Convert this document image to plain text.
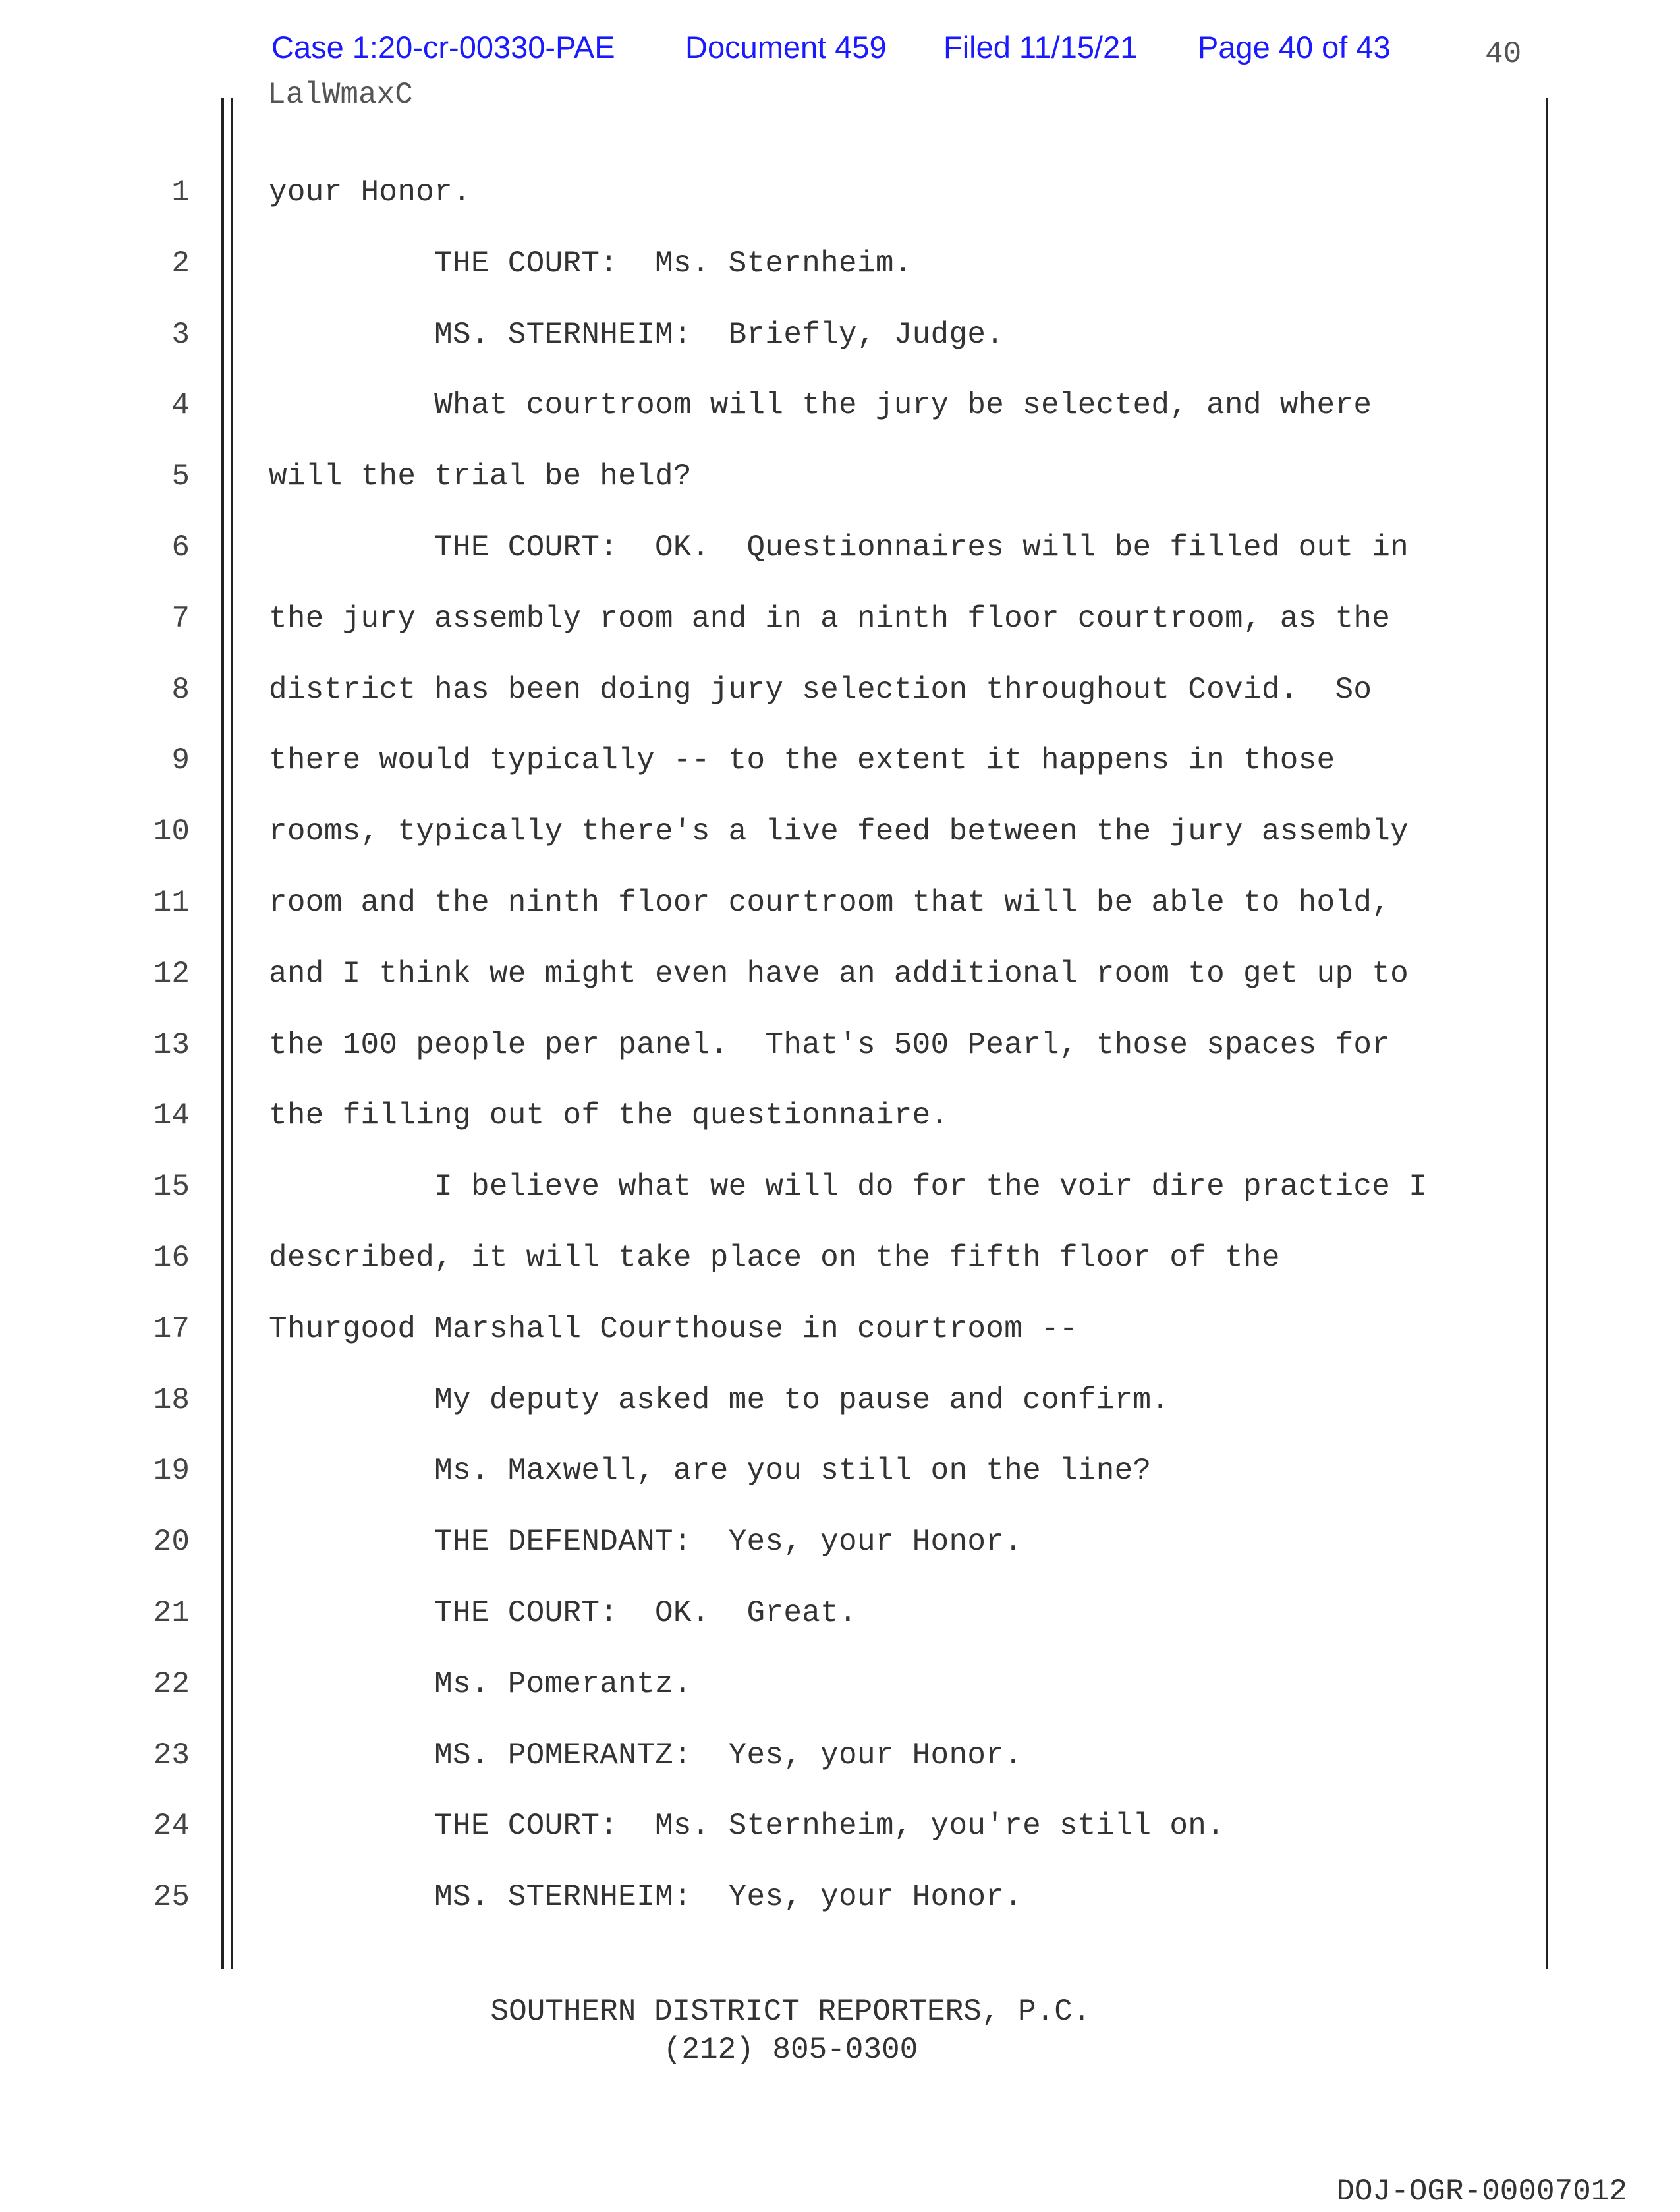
Case 1:20-cr-00330-PAE Document 459 Filed 11/15/21 Page 40 of 43	40
LalWmaxC
1	your Honor.
2	THE COURT:  Ms. Sternheim.
3	MS. STERNHEIM:  Briefly, Judge.
4	What courtroom will the jury be selected, and where
5	will the trial be held?
6	THE COURT:  OK.  Questionnaires will be filled out in
7	the jury assembly room and in a ninth floor courtroom, as the
8	district has been doing jury selection throughout Covid.  So
9	there would typically -- to the extent it happens in those
10	rooms, typically there's a live feed between the jury assembly
11	room and the ninth floor courtroom that will be able to hold,
12	and I think we might even have an additional room to get up to
13	the 100 people per panel.  That's 500 Pearl, those spaces for
14	the filling out of the questionnaire.
15	I believe what we will do for the voir dire practice I
16	described, it will take place on the fifth floor of the
17	Thurgood Marshall Courthouse in courtroom --
18	My deputy asked me to pause and confirm.
19	Ms. Maxwell, are you still on the line?
20	THE DEFENDANT:  Yes, your Honor.
21	THE COURT:  OK.  Great.
22	Ms. Pomerantz.
23	MS. POMERANTZ:  Yes, your Honor.
24	THE COURT:  Ms. Sternheim, you're still on.
25	MS. STERNHEIM:  Yes, your Honor.
SOUTHERN DISTRICT REPORTERS, P.C.
(212) 805-0300
DOJ-OGR-00007012
